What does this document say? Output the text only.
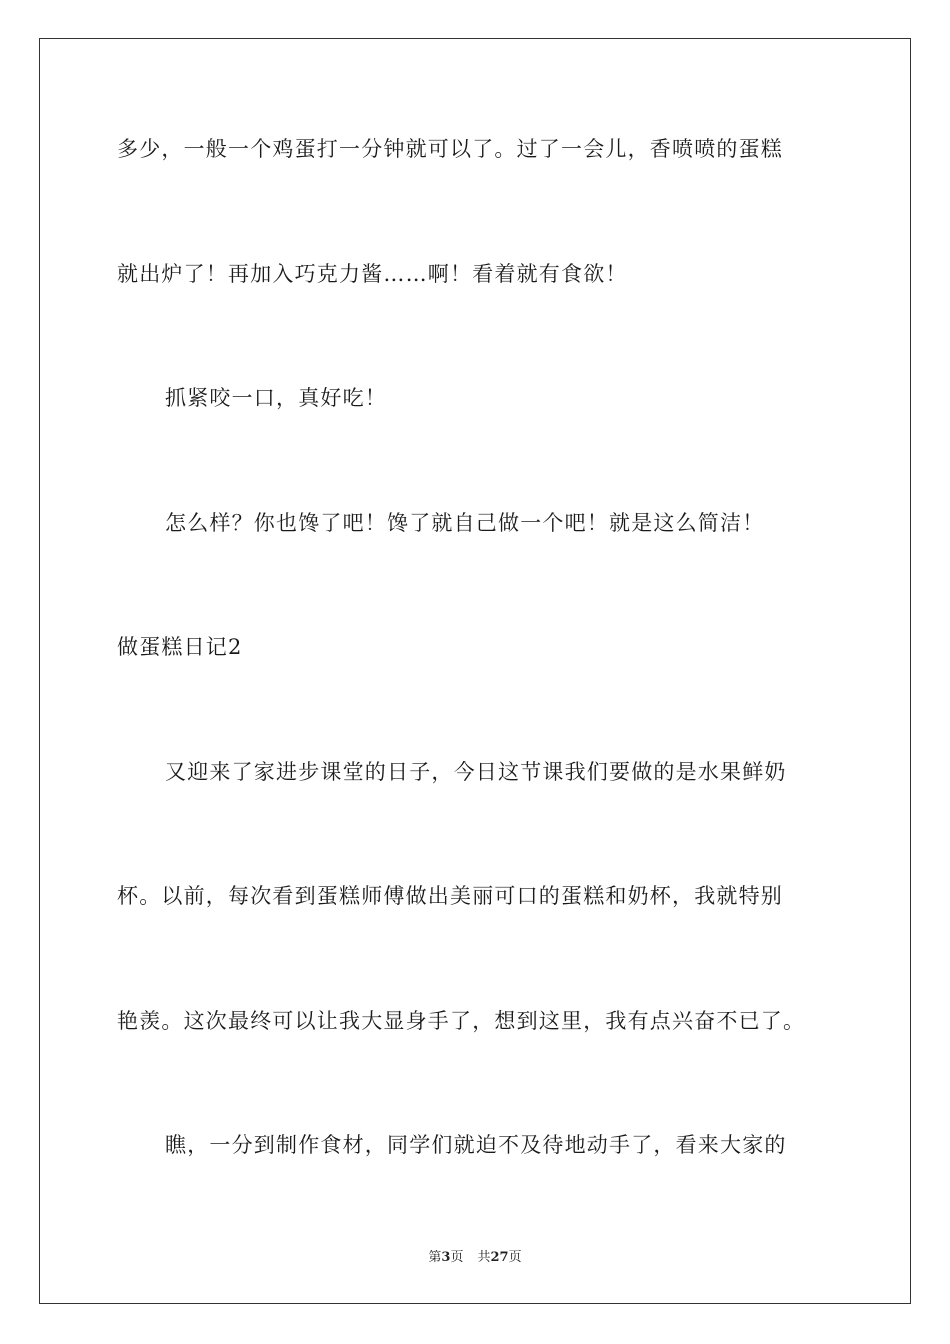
多少，一般一个鸡蛋打一分钟就可以了。过了一会儿，香喷喷的蛋糕
就出炉了！再加入巧克力酱……啊！看着就有食欲！
抓紧咬一口，真好吃！
怎么样？你也馋了吧！馋了就自己做一个吧！就是这么简洁！
做蛋糕日记2
又迎来了家进步课堂的日子，今日这节课我们要做的是水果鲜奶
杯。以前，每次看到蛋糕师傅做出美丽可口的蛋糕和奶杯，我就特别
艳羡。这次最终可以让我大显身手了，想到这里，我有点兴奋不已了。
瞧，一分到制作食材，同学们就迫不及待地动手了，看来大家的
第3页 共27页
